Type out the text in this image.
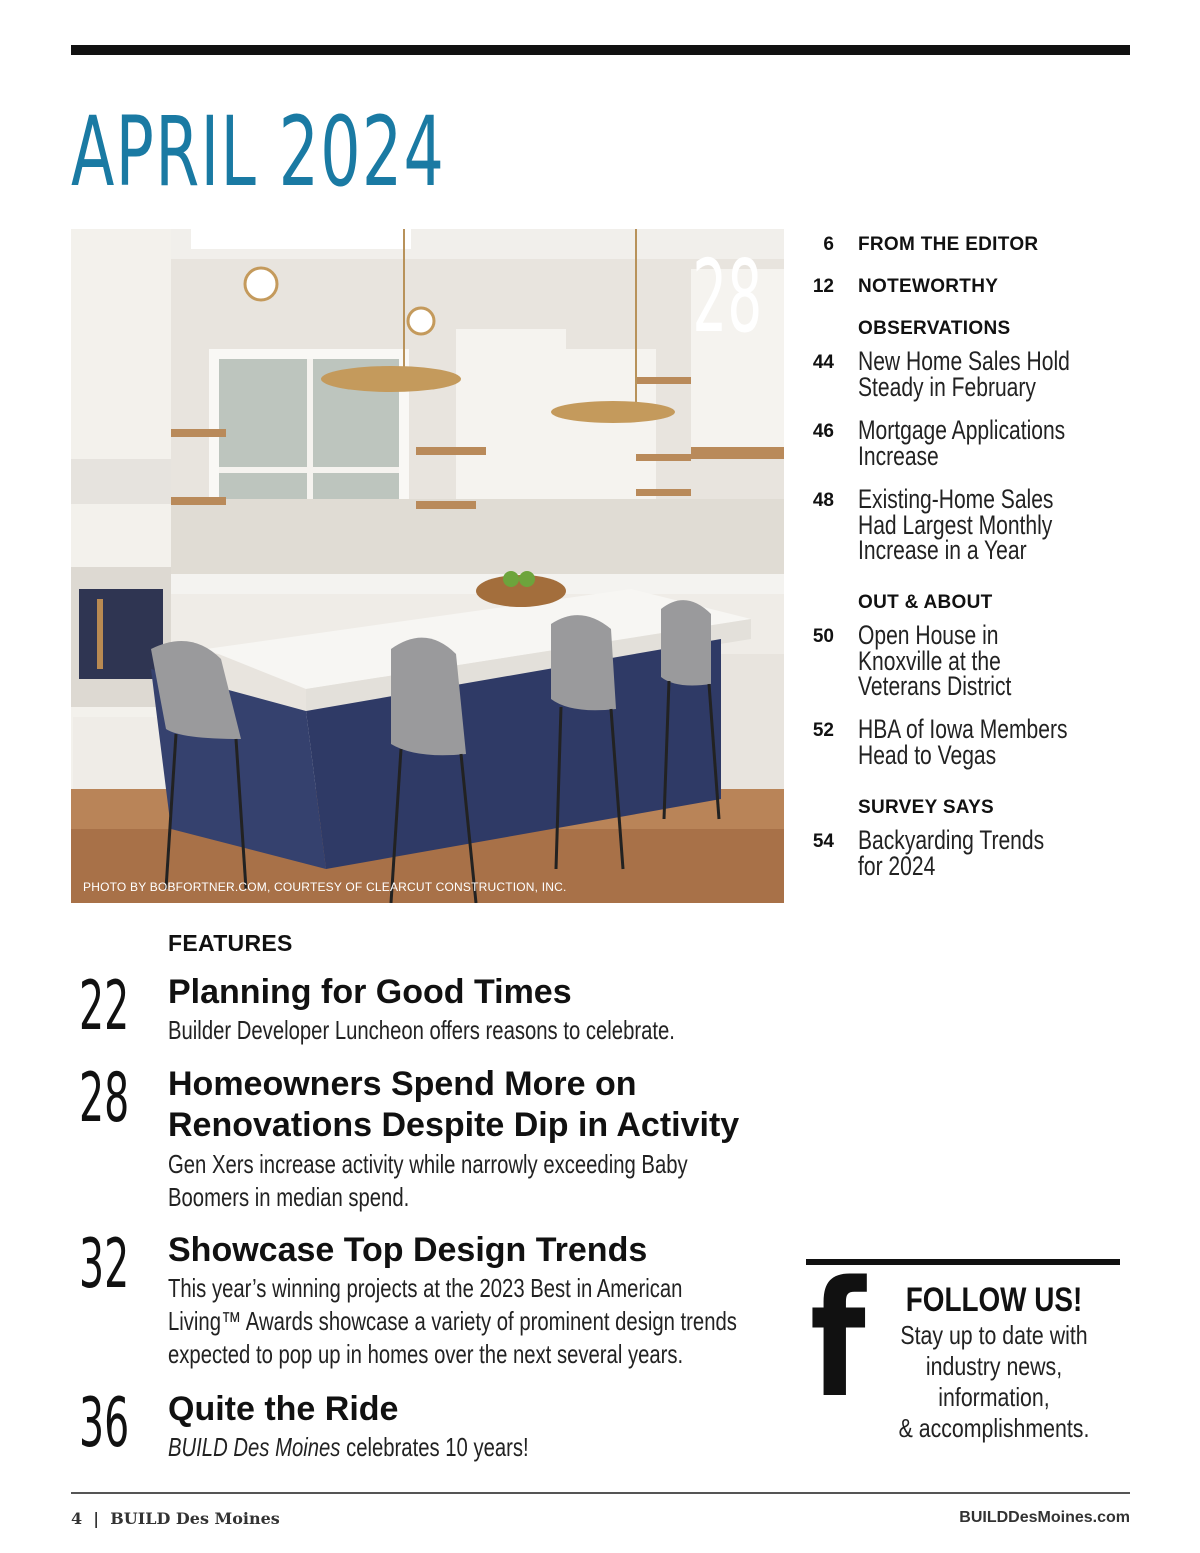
APRIL 2024
28
PHOTO BY BOBFORTNER.COM, COURTESY OF CLEARCUT CONSTRUCTION, INC.
6 FROM THE EDITOR
12 NOTEWORTHY
OBSERVATIONS
44 New Home Sales Hold
Steady in February
46 Mortgage Applications
Increase
48 Existing-Home Sales
Had Largest Monthly
Increase in a Year
OUT & ABOUT
50 Open House in
Knoxville at the
Veterans District
52 HBA of Iowa Members
Head to Vegas
SURVEY SAYS
54 Backyarding Trends
for 2024
FEATURES
22 Planning for Good Times
Builder Developer Luncheon offers reasons to celebrate.
28 Homeowners Spend More on
Renovations Despite Dip in Activity
Gen Xers increase activity while narrowly exceeding Baby
Boomers in median spend.
32 Showcase Top Design Trends
This year’s winning projects at the 2023 Best in American
Living™ Awards showcase a variety of prominent design trends
expected to pop up in homes over the next several years.
36 Quite the Ride
BUILD Des Moines celebrates 10 years!
f	FOLLOW US!
Stay up to date with
industry news, information,
& accomplishments.
4  |  BUILD Des Moines	BUILDDesMoines.com
